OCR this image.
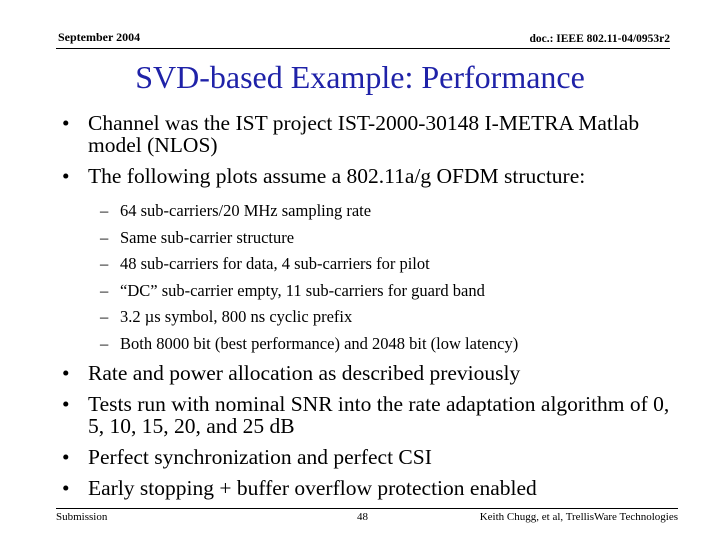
September 2004	doc.: IEEE 802.11-04/0953r2
SVD-based Example: Performance
• Channel was the IST project IST-2000-30148 I-METRA Matlab model (NLOS)
• The following plots assume a 802.11a/g OFDM structure:
– 64 sub-carriers/20 MHz sampling rate
– Same sub-carrier structure
– 48 sub-carriers for data, 4 sub-carriers for pilot
– “DC” sub-carrier empty, 11 sub-carriers for guard band
– 3.2 µs symbol, 800 ns cyclic prefix
– Both 8000 bit (best performance) and 2048 bit (low latency)
• Rate and power allocation as described previously
• Tests run with nominal SNR into the rate adaptation algorithm of 0, 5, 10, 15, 20, and 25 dB
• Perfect synchronization and perfect CSI
• Early stopping + buffer overflow protection enabled
Submission	48	Keith Chugg, et al, TrellisWare Technologies
